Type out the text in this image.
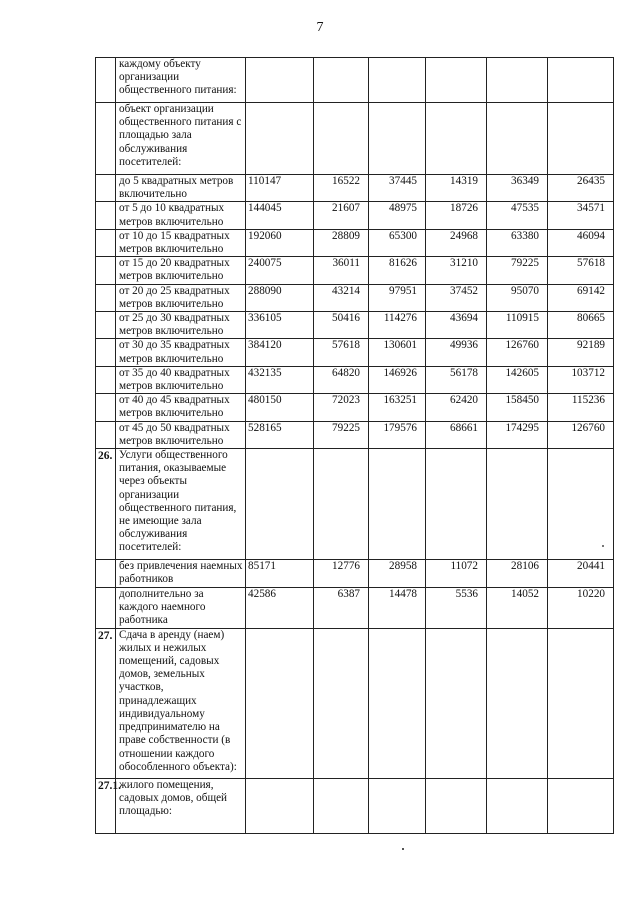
7
	каждому объекту организации общественного питания:						
	объект организации общественного питания с площадью зала обслуживания посетителей:						
	до 5 квадратных метров включительно	110147	16522	37445	14319	36349	26435
	от 5 до 10 квадратных метров включительно	144045	21607	48975	18726	47535	34571
	от 10 до 15 квадратных метров включительно	192060	28809	65300	24968	63380	46094
	от 15 до 20 квадратных метров включительно	240075	36011	81626	31210	79225	57618
	от 20 до 25 квадратных метров включительно	288090	43214	97951	37452	95070	69142
	от 25 до 30 квадратных метров включительно	336105	50416	114276	43694	110915	80665
	от 30 до 35 квадратных метров включительно	384120	57618	130601	49936	126760	92189
	от 35 до 40 квадратных метров включительно	432135	64820	146926	56178	142605	103712
	от 40 до 45 квадратных метров включительно	480150	72023	163251	62420	158450	115236
	от 45 до 50 квадратных метров включительно	528165	79225	179576	68661	174295	126760
26.	Услуги общественного питания, оказываемые через объекты организации общественного питания, не имеющие зала обслуживания посетителей:						
	без привлечения наемных работников	85171	12776	28958	11072	28106	20441
	дополнительно за каждого наемного работника	42586	6387	14478	5536	14052	10220
27.	Сдача в аренду (наем) жилых и нежилых помещений, садовых домов, земельных участков, принадлежащих индивидуальному предпринимателю на праве собственности (в отношении каждого обособленного объекта):						
27.1.	жилого помещения, садовых домов, общей площадью:						
